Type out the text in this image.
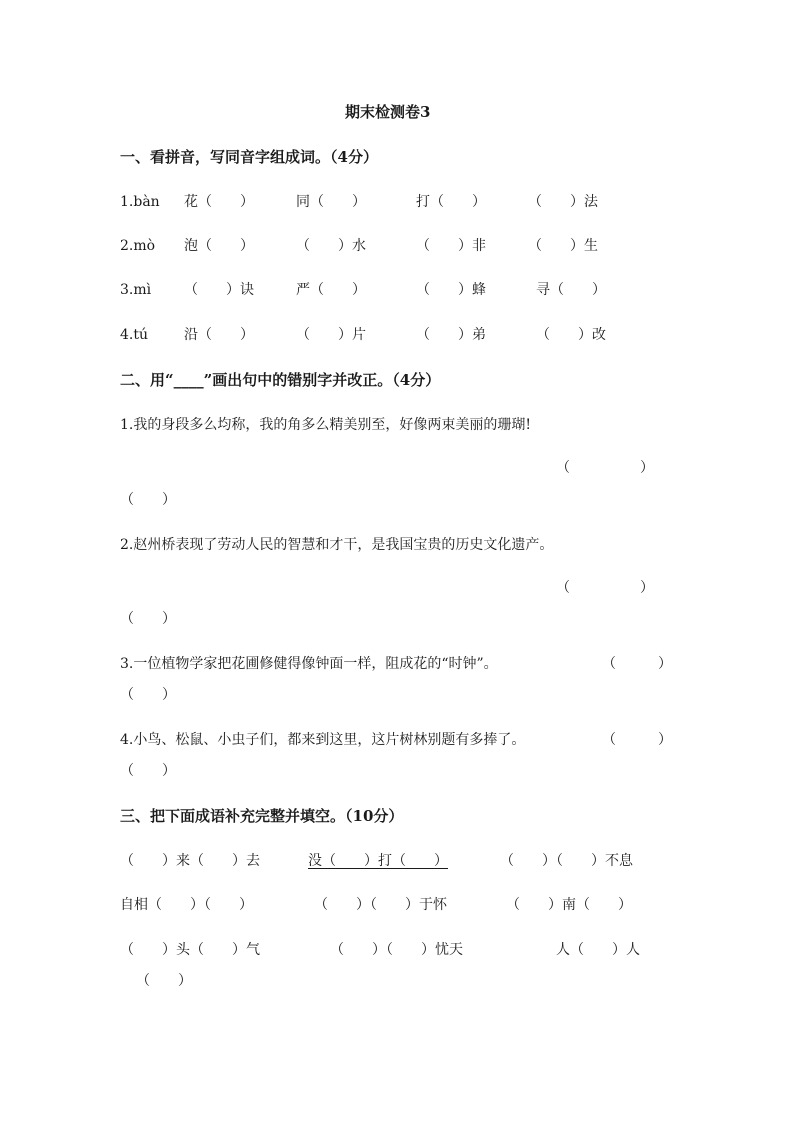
期末检测卷3
一、看拼音，写同音字组成词。（4分）
1.bàn 花（　　）	同（　　）	打（　　）	（　　）法
2.mò 泡（　　）	（　　）水	（　　）非	（　　）生
3.mì （　　）诀	严（　　）	（　　）蜂	寻（　　）
4.tú	沿（　　）	（　　）片	（　　）弟	（　　）改
二、用“____”画出句中的错别字并改正。（4分）
1.我的身段多么均称，我的角多么精美别至，好像两束美丽的珊瑚!
（　　　　　）
（　　）
2.赵州桥表现了劳动人民的智慧和才干，是我国宝贵的历史文化遗产。
（　　　　　）
（　　）
3.一位植物学家把花圃修健得像钟面一样，阻成花的“时钟”。	（　　　）
（　　）
4.小鸟、松鼠、小虫子们，都来到这里，这片树林别题有多捧了。	（　　　）
（　　）
三、把下面成语补充完整并填空。（10分）
（　　）来（　　）去	没（　　）打（　　）	（　　）（　　）不息
自相（　　）（　　）	（　　）（　　）于怀	（　　）南（　　）
（　　）头（　　）气	（　　）（　　）忧天	人（　　）人
（　　）
